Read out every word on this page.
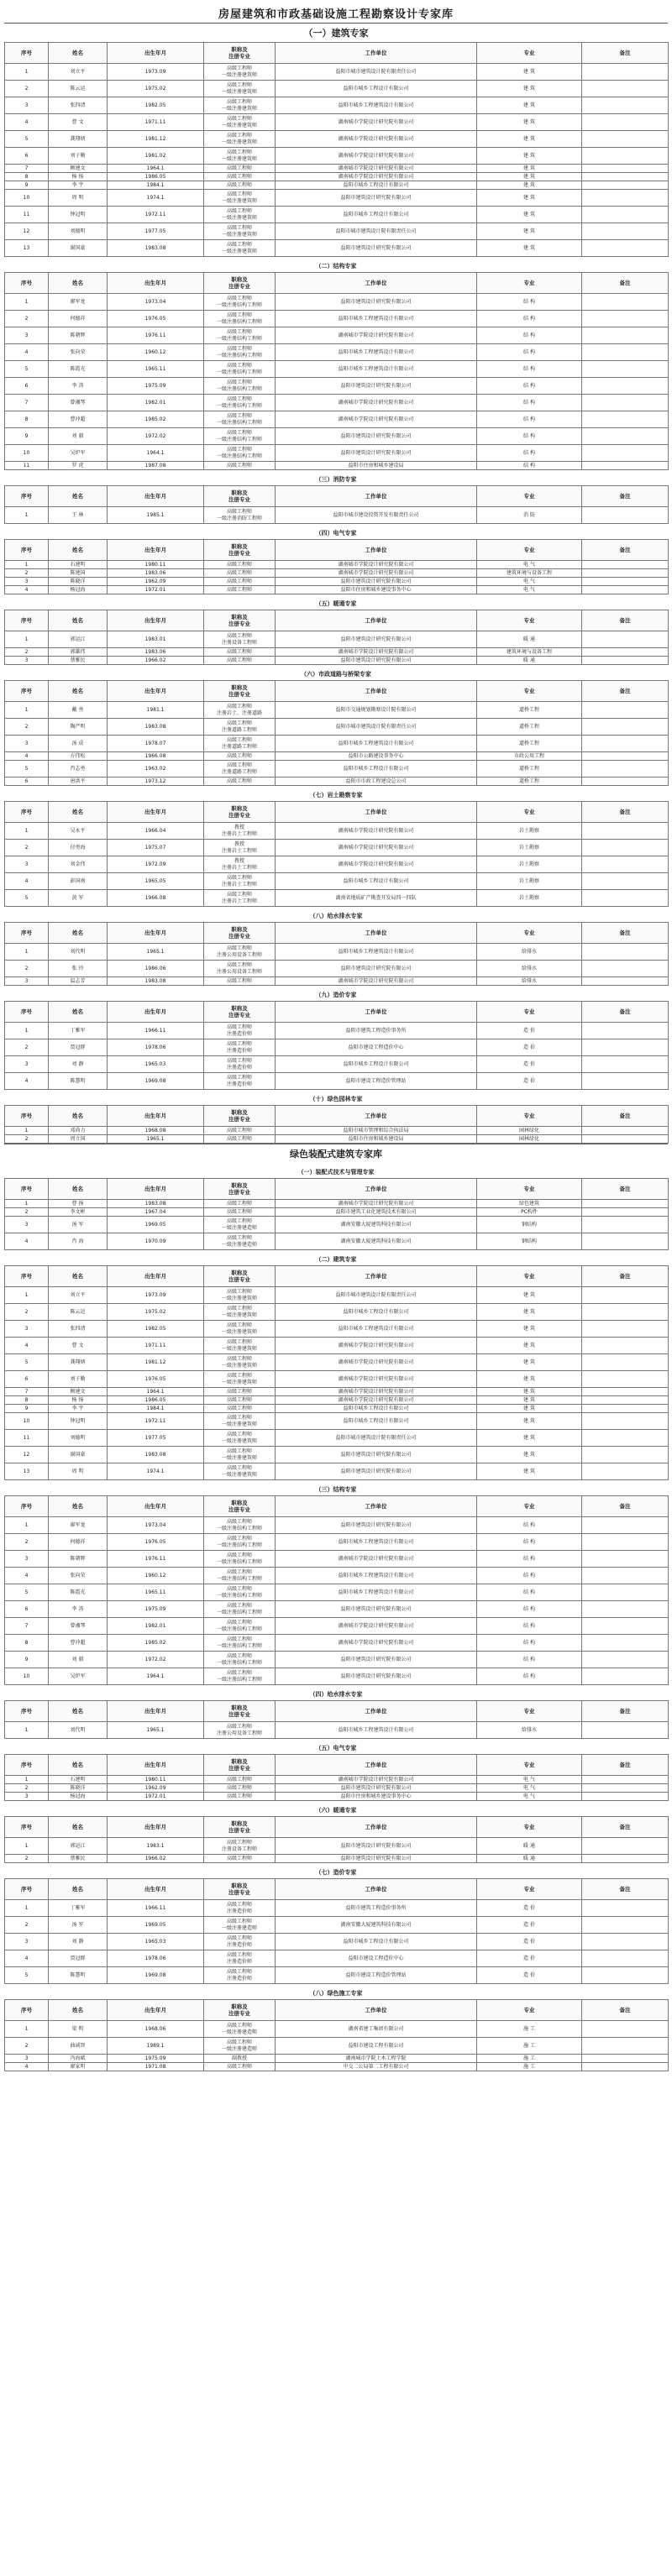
房屋建筑和市政基础设施工程勘察设计专家库
（一）建筑专家
序号	姓名	出生年月	职称及
注册专业	工作单位	专业	备注
1	刘立平	1973.09	高级工程师
一级注册建筑师	益阳市城市建筑设计院有限责任公司	建 筑	
2	陈云运	1975.02	高级工程师
一级注册建筑师	益阳市城乡工程设计有限公司	建 筑	
3	张四清	1982.05	高级工程师
一级注册建筑师	益阳市城乡工程建筑设计有限公司	建 筑	
4	曹 文	1971.11	高级工程师
一级注册建筑师	湖南城市学院设计研究院有限公司	建 筑	
5	龚翔炳	1981.12	高级工程师
一级注册建筑师	湖南城市学院设计研究院有限公司	建 筑	
6	刘子勤	1981.02	高级工程师
一级注册建筑师	湖南城市学院设计研究院有限公司	建 筑	
7	顾建文	1964.1	高级工程师	湖南城市学院设计研究院有限公司	建 筑	
8	杨 扬	1986.05	高级工程师	湖南城市学院设计研究院有限公司	建 筑	
9	李 宇	1984.1	高级工程师	益阳市城乡工程设计有限公司	建 筑	
10	周 明	1974.1	高级工程师
一级注册建筑师	益阳市建筑设计研究院有限公司	建 筑	
11	钟冠明	1972.11	高级工程师
一级注册建筑师	益阳市城乡工程设计有限公司	建 筑	
12	刘德明	1977.05	高级工程师
一级注册建筑师	益阳市城市建筑设计院有限责任公司	建 筑	
13	谢国豪	1983.08	高级工程师
一级注册建筑师	益阳市建筑设计研究院有限公司	建 筑	
（二）结构专家
序号	姓名	出生年月	职称及
注册专业	工作单位	专业	备注
1	廖军龙	1973.04	高级工程师
一级注册结构工程师	益阳市建筑设计研究院有限公司	结 构	
2	何德祥	1976.05	高级工程师
一级注册结构工程师	益阳市城乡工程建筑设计有限公司	结 构	
3	陈朝辉	1976.11	高级工程师
一级注册结构工程师	湖南城市学院设计研究院有限公司	结 构	
4	张向荣	1960.12	高级工程师
一级注册结构工程师	益阳市城乡工程建筑设计有限公司	结 构	
5	陈霞光	1965.11	高级工程师
一级注册结构工程师	益阳市城乡工程建筑设计有限公司	结 构	
6	李 涛	1975.09	高级工程师
一级注册结构工程师	益阳市建筑设计研究院有限公司	结 构	
7	曾湘琴	1982.01	高级工程师
一级注册结构工程师	湖南城市学院设计研究院有限公司	结 构	
8	曹冲超	1985.02	高级工程师
一级注册结构工程师	湖南城市学院设计研究院有限公司	结 构	
9	刘 毅	1972.02	高级工程师
一级注册结构工程师	益阳市建筑设计研究院有限公司	结 构	
10	吴炉军	1964.1	高级工程师
一级注册结构工程师	益阳市建筑设计研究院有限公司	结 构	
11	罗 虎	1987.08	高级工程师	益阳市住房和城乡建设局	结 构	
（三）消防专家
序号	姓名	出生年月	职称及
注册专业	工作单位	专业	备注
1	王 林	1985.1	高级工程师
一级注册消防工程师	益阳市城市建设投资开发有限责任公司	消 防	
（四）电气专家
序号	姓名	出生年月	职称及
注册专业	工作单位	专业	备注
1	石建明	1980.11	高级工程师	湖南城市学院设计研究院有限公司	电 气	
2	陈建国	1983.06	高级工程师	湖南城市学院设计研究院有限公司	建筑环境与设备工程	
3	陈晓洋	1962.09	高级工程师	益阳市建筑设计研究院有限公司	电 气	
4	杨冠海	1972.01	高级工程师	益阳市住房和城乡建设事务中心	电 气	
（五）暖通专家
序号	姓名	出生年月	职称及
注册专业	工作单位	专业	备注
1	郭运江	1983.01	高级工程师
注册设备工程师	益阳市建筑设计研究院有限公司	暖 通	
2	郭雄伟	1983.06	高级工程师	湖南城市学院设计研究院有限公司	建筑环境与设备工程	
3	蔡雅民	1966.02	高级工程师	益阳市建筑设计研究院有限公司	暖 通	
（六）市政道路与桥梁专家
序号	姓名	出生年月	职称及
注册专业	工作单位	专业	备注
1	戴 勇	1981.1	高级工程师
注册岩土、注册道路	益阳市交通规划勘察设计院有限公司	道桥工程	
2	陶严明	1983.08	高级工程师
注册道路工程师	益阳市城市建筑设计院有限责任公司	道桥工程	
3	汤 成	1978.07	高级工程师
注册道路工程师	益阳市城乡工程建筑设计有限公司	道桥工程	
4	方伟松	1966.08	高级工程师	益阳市公路建设事务中心	市政公用工程	
5	肖志勇	1963.02	高级工程师
注册道路工程师	益阳市城乡工程设计有限公司	道桥工程	
6	唐洪平	1973.12	高级工程师	益阳市市政工程建设总公司	道桥工程	
（七）岩土勘察专家
序号	姓名	出生年月	职称及
注册专业	工作单位	专业	备注
1	吴永平	1966.04	教授
注册岩土工程师	湖南城市学院设计研究院有限公司	岩土勘察	
2	付勇海	1975.07	教授
注册岩土工程师	湖南城市学院设计研究院有限公司	岩土勘察	
3	刘金伟	1972.09	教授
注册岩土工程师	湖南城市学院设计研究院有限公司	岩土勘察	
4	彭国南	1965.05	高级工程师
注册岩土工程师	益阳市城乡工程设计有限公司	岩土勘察	
5	黄 军	1966.08	高级工程师
注册岩土工程师	湖南省地质矿产勘查开发局四一四队	岩土勘察	
（八）给水排水专家
序号	姓名	出生年月	职称及
注册专业	工作单位	专业	备注
1	刘代明	1965.1	高级工程师
注册公用设备工程师	益阳市城乡工程建筑设计有限公司	给排水	
2	张 玲	1986.06	高级工程师
注册公用设备工程师	益阳市建筑设计研究院有限公司	给排水	
3	温志芳	1983.08	高级工程师	湖南城市学院设计研究院有限公司	给排水	
（九）造价专家
序号	姓名	出生年月	职称及
注册专业	工作单位	专业	备注
1	丁雅军	1966.11	高级工程师
注册造价师	益阳市建筑工程造价事务所	造 价	
2	贾冠群	1978.06	高级工程师
注册造价师	益阳市建设工程造价中心	造 价	
3	刘 静	1965.03	高级工程师
注册造价师	益阳市城乡工程设计有限公司	造 价	
4	陈慧明	1969.08	高级工程师
注册造价师	益阳市建设工程造价管理站	造 价	
（十）绿色园林专家
序号	姓名	出生年月	职称及
注册专业	工作单位	专业	备注
1	邓尚力	1968.08	高级工程师	益阳市城市管理和综合执法局	园林绿化	
2	周立国	1965.1	高级工程师	益阳市住房和城乡建设局	园林绿化	
绿色装配式建筑专家库
（一）装配式技术与管理专家
序号	姓名	出生年月	职称及
注册专业	工作单位	专业	备注
1	曹 扬	1983.08	高级工程师	湖南城市学院设计研究院有限公司	绿色建筑	
2	李文彬	1967.04	高级工程师	益阳市建筑工业化建筑技术有限公司	PC构件	
3	汤 军	1969.05	高级工程师
一级注册建造师	湖南安徽大厦建筑科技有限公司	钢结构	
4	肖 海	1970.09	高级工程师
一级注册建造师	湖南安徽大厦建筑科技有限公司	钢结构	
（二）建筑专家
序号	姓名	出生年月	职称及
注册专业	工作单位	专业	备注
1	刘立平	1973.09	高级工程师
一级注册建筑师	益阳市城市建筑设计院有限责任公司	建 筑	
2	陈云运	1975.02	高级工程师
一级注册建筑师	益阳市城乡工程设计有限公司	建 筑	
3	张四清	1982.05	高级工程师
一级注册建筑师	益阳市城乡工程建筑设计有限公司	建 筑	
4	曹 文	1971.11	高级工程师
一级注册建筑师	湖南城市学院设计研究院有限公司	建 筑	
5	龚翔炳	1981.12	高级工程师
一级注册建筑师	湖南城市学院设计研究院有限公司	建 筑	
6	刘子勤	1976.05	高级工程师
一级注册建筑师	湖南城市学院设计研究院有限公司	建 筑	
7	顾建文	1964.1	高级工程师	湖南城市学院设计研究院有限公司	建 筑	
8	杨 扬	1986.05	高级工程师	湖南城市学院设计研究院有限公司	建 筑	
9	李 宇	1984.1	高级工程师	益阳市城乡工程设计有限公司	建 筑	
10	钟冠明	1972.11	高级工程师
一级注册建筑师	益阳市城乡工程设计有限公司	建 筑	
11	刘德明	1977.05	高级工程师
一级注册建筑师	益阳市城市建筑设计院有限责任公司	建 筑	
12	谢国豪	1983.08	高级工程师
一级注册建筑师	益阳市建筑设计研究院有限公司	建 筑	
13	周 明	1974.1	高级工程师
一级注册建筑师	益阳市建筑设计研究院有限公司	建 筑	
（三）结构专家
序号	姓名	出生年月	职称及
注册专业	工作单位	专业	备注
1	廖军龙	1973.04	高级工程师
一级注册结构工程师	益阳市建筑设计研究院有限公司	结 构	
2	何德祥	1976.05	高级工程师
一级注册结构工程师	益阳市城乡工程建筑设计有限公司	结 构	
3	陈朝辉	1976.11	高级工程师
一级注册结构工程师	湖南城市学院设计研究院有限公司	结 构	
4	张向荣	1960.12	高级工程师
一级注册结构工程师	益阳市城乡工程建筑设计有限公司	结 构	
5	陈霞光	1965.11	高级工程师
一级注册结构工程师	益阳市城乡工程建筑设计有限公司	结 构	
6	李 涛	1975.09	高级工程师
一级注册结构工程师	益阳市建筑设计研究院有限公司	结 构	
7	曾湘琴	1982.01	高级工程师
一级注册结构工程师	湖南城市学院设计研究院有限公司	结 构	
8	曹冲超	1985.02	高级工程师
一级注册结构工程师	湖南城市学院设计研究院有限公司	结 构	
9	刘 毅	1972.02	高级工程师
一级注册结构工程师	益阳市建筑设计研究院有限公司	结 构	
10	吴炉军	1964.1	高级工程师
一级注册结构工程师	益阳市建筑设计研究院有限公司	结 构	
（四）给水排水专家
序号	姓名	出生年月	职称及
注册专业	工作单位	专业	备注
1	刘代明	1965.1	高级工程师
注册公用设备工程师	益阳市城乡工程建筑设计有限公司	给排水	
（五）电气专家
序号	姓名	出生年月	职称及
注册专业	工作单位	专业	备注
1	石建明	1980.11	高级工程师	湖南城市学院设计研究院有限公司	电 气	
2	陈晓洋	1962.09	高级工程师	益阳市建筑设计研究院有限公司	电 气	
3	杨冠海	1972.01	高级工程师	益阳市住房和城乡建设事务中心	电 气	
（六）暖通专家
序号	姓名	出生年月	职称及
注册专业	工作单位	专业	备注
1	郭运江	1983.1	高级工程师
注册设备工程师	益阳市建筑设计研究院有限公司	暖 通	
2	蔡雅民	1966.02	高级工程师	益阳市建筑设计研究院有限公司	暖 通	
（七）造价专家
序号	姓名	出生年月	职称及
注册专业	工作单位	专业	备注
1	丁雅军	1966.11	高级工程师
注册造价师	益阳市建筑工程造价事务所	造 价	
2	汤 军	1969.05	高级工程师
一级注册建造师	湖南安徽大厦建筑科技有限公司	造 价	
3	刘 静	1965.03	高级工程师
注册造价师	益阳市城乡工程设计有限公司	造 价	
4	贾冠群	1978.06	高级工程师
注册造价师	益阳市建设工程造价中心	造 价	
5	陈慧明	1969.08	高级工程师
注册造价师	益阳市建设工程造价管理站	造 价	
（八）绿色施工专家
序号	姓名	出生年月	职称及
注册专业	工作单位	专业	备注
1	梁 明	1968.06	高级工程师
一级注册建造师	湖南省建工集团有限公司	施 工	
2	曲诚智	1989.1	高级工程师
一级注册建造师	益阳市建设工程有限公司	施 工	
3	冯海斌	1975.09	副教授	湖南城市学院土木工程学院	施 工	
4	廖家明	1971.08	高级工程师	中交二公局第二工程有限公司	施 工	
